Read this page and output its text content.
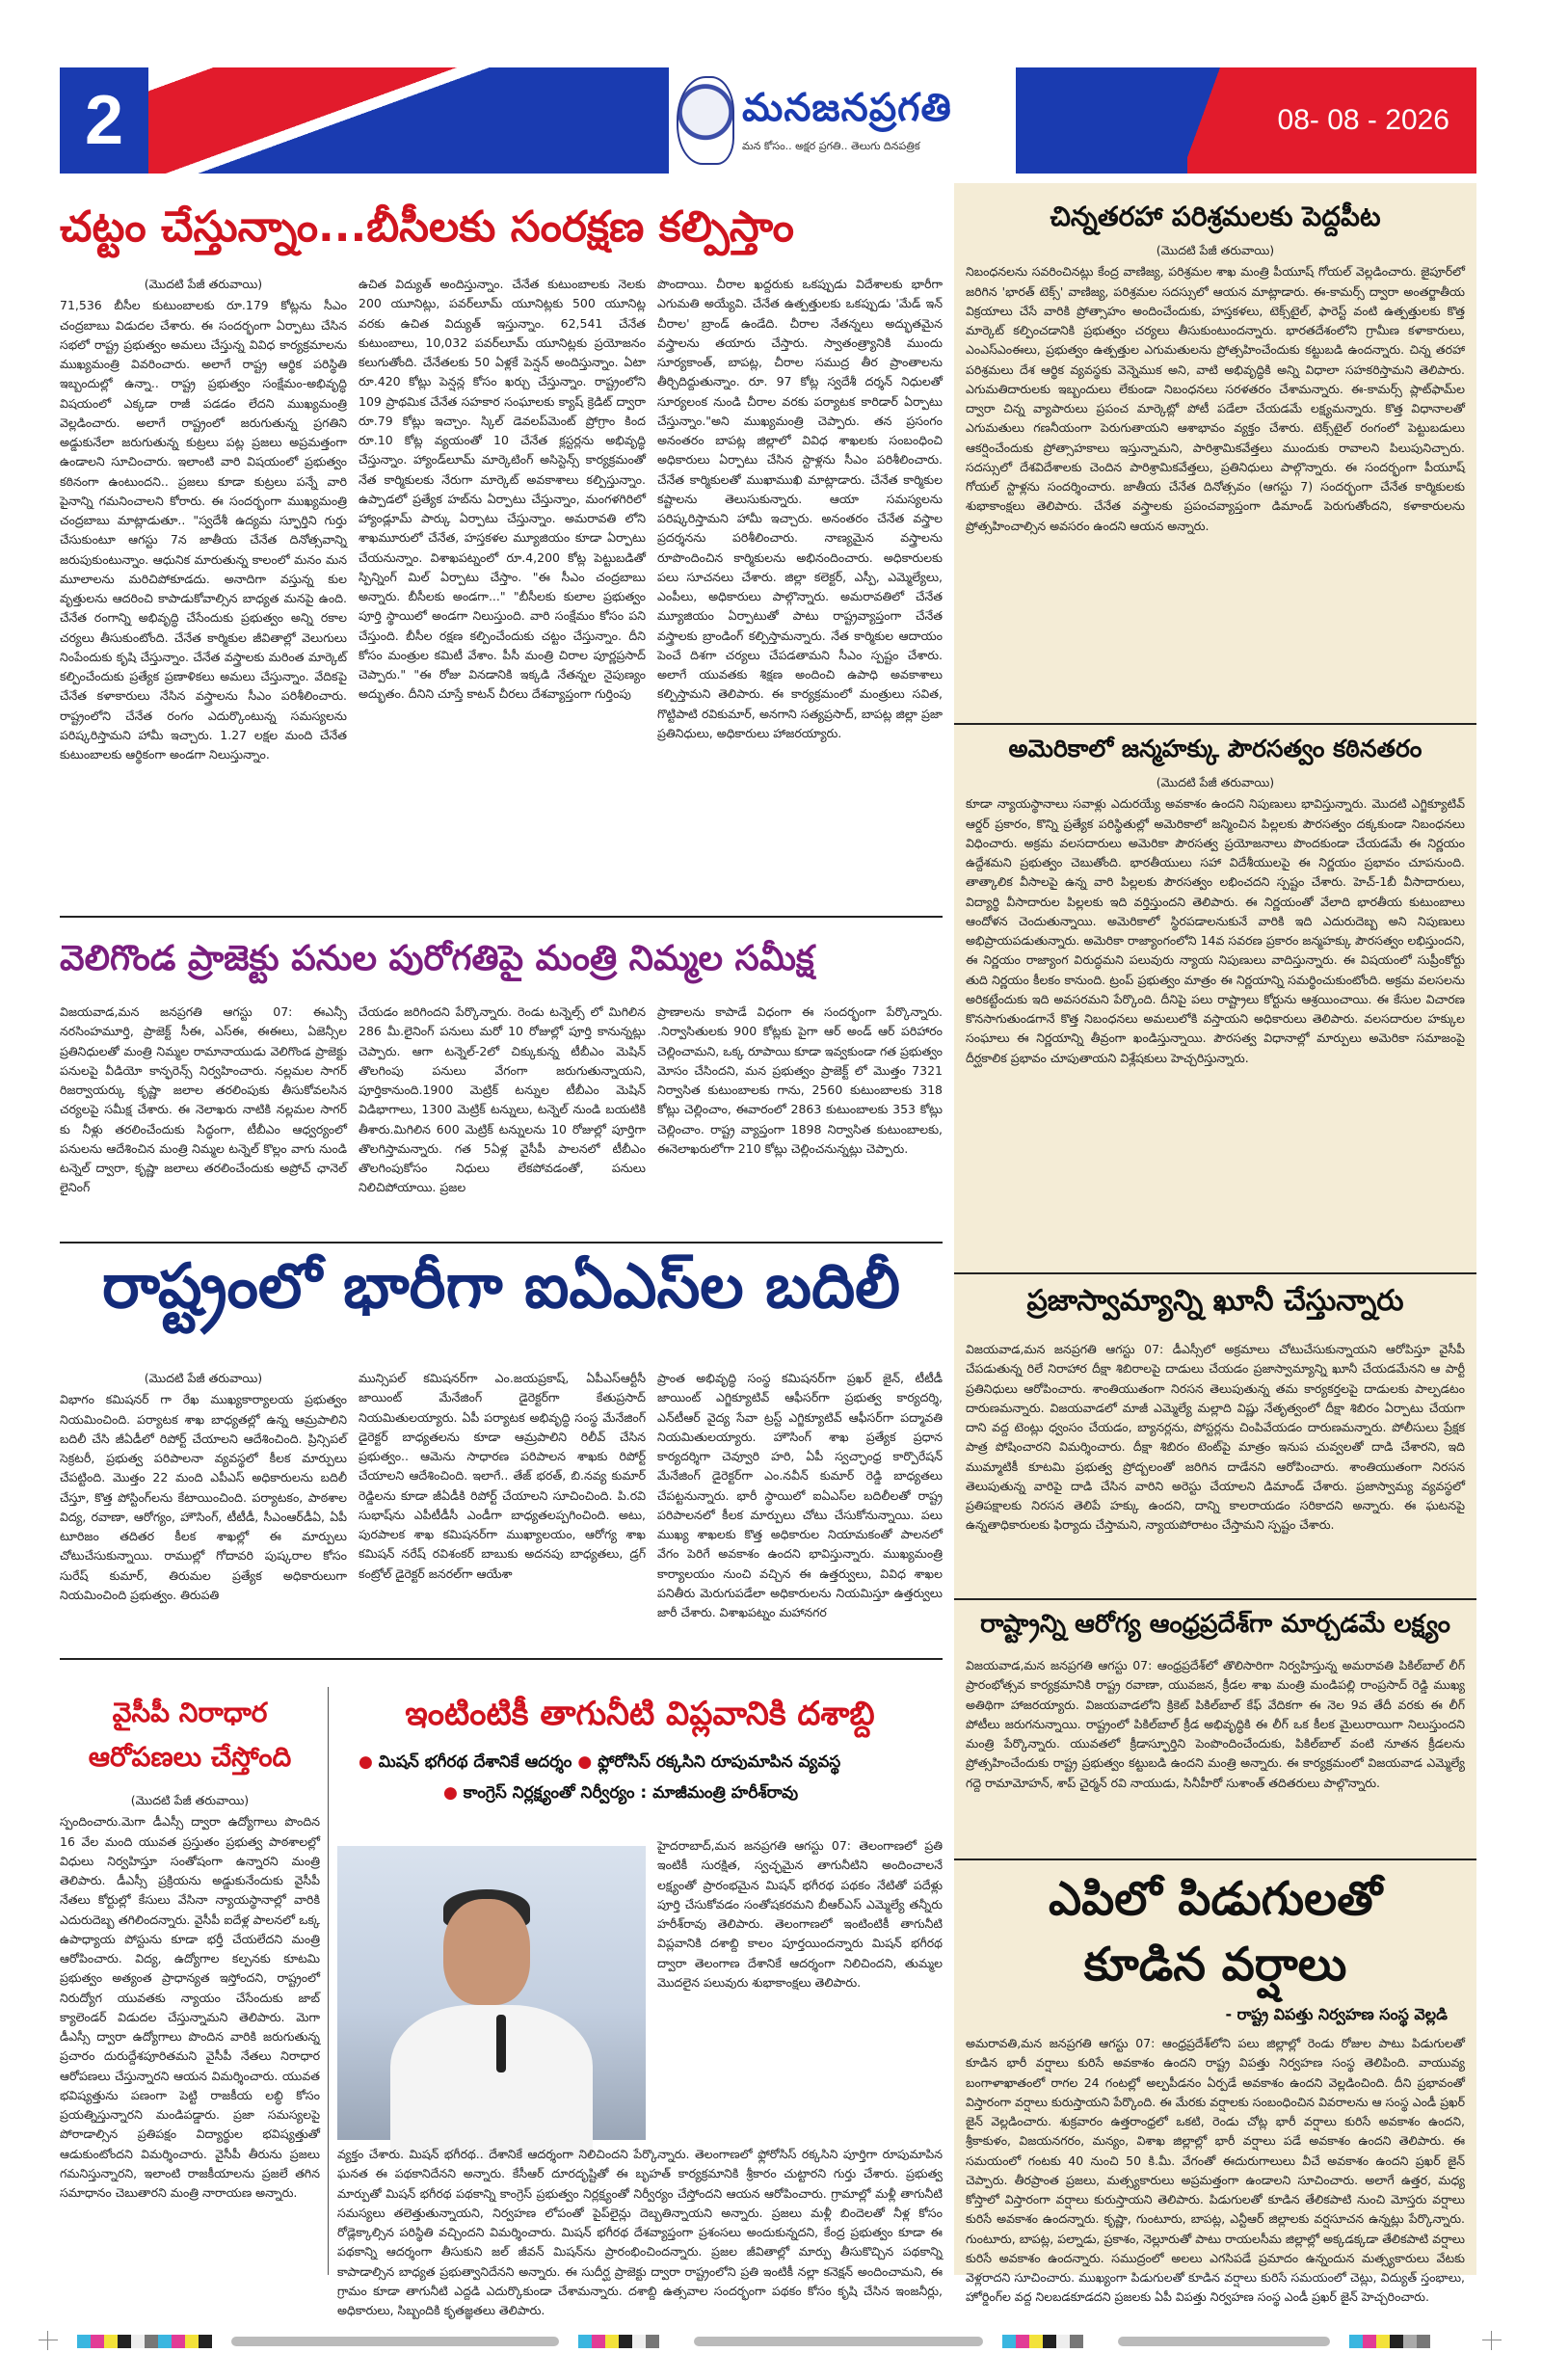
2	మనజనప్రగతి
మన కోసం.. అక్షర ప్రగతి.. తెలుగు దినపత్రిక
08- 08 - 2026
చట్టం చేస్తున్నాం...బీసీలకు సంరక్షణ కల్పిస్తాం
(మొదటి పేజీ తరువాయి)
71,536 బీసీల కుటుంబాలకు రూ.179 కోట్లను సీఎం చంద్రబాబు విడుదల చేశారు. ఈ సందర్భంగా ఏర్పాటు చేసిన సభలో రాష్ట్ర ప్రభుత్వం అమలు చేస్తున్న వివిధ కార్యక్రమాలను ముఖ్యమంత్రి వివరించారు. అలాగే రాష్ట్ర ఆర్థిక పరిస్థితి ఇబ్బందుల్లో ఉన్నా.. రాష్ట్ర ప్రభుత్వం సంక్షేమం-అభివృద్ధి విషయంలో ఎక్కడా రాజీ పడడం లేదని ముఖ్యమంత్రి వెల్లడించారు. అలాగే రాష్ట్రంలో జరుగుతున్న ప్రగతిని అడ్డుకునేలా జరుగుతున్న కుట్రలు పట్ల ప్రజలు అప్రమత్తంగా ఉండాలని సూచించారు. ఇలాంటి వారి విషయంలో ప్రభుత్వం కఠినంగా ఉంటుందని.. ప్రజలు కూడా కుట్రలు పన్నే వారి పైనాన్ని గమనించాలని కోరారు. ఈ సందర్భంగా ముఖ్యమంత్రి చంద్రబాబు మాట్లాడుతూ.. "స్వదేశీ ఉద్యమ స్ఫూర్తిని గుర్తు చేసుకుంటూ ఆగస్టు 7న జాతీయ చేనేత దినోత్సవాన్ని జరుపుకుంటున్నాం. ఆధునిక మారుతున్న కాలంలో మనం మన మూలాలను మరిచిపోకూడదు. అనాదిగా వస్తున్న కుల వృత్తులను ఆదరించి కాపాడుకోవాల్సిన బాధ్యత మనపై ఉంది. చేనేత రంగాన్ని అభివృద్ధి చేసేందుకు ప్రభుత్వం అన్ని రకాల చర్యలు తీసుకుంటోంది. చేనేత కార్మికుల జీవితాల్లో వెలుగులు నింపేందుకు కృషి చేస్తున్నాం. చేనేత వస్త్రాలకు మరింత మార్కెట్ కల్పించేందుకు ప్రత్యేక ప్రణాళికలు అమలు చేస్తున్నాం. వేదికపై చేనేత కళాకారులు నేసిన వస్త్రాలను సీఎం పరిశీలించారు. రాష్ట్రంలోని చేనేత రంగం ఎదుర్కొంటున్న సమస్యలను పరిష్కరిస్తామని హామీ ఇచ్చారు. 1.27 లక్షల మంది చేనేత కుటుంబాలకు ఆర్థికంగా అండగా నిలుస్తున్నాం.
ఉచిత విద్యుత్ అందిస్తున్నాం. చేనేత కుటుంబాలకు నెలకు 200 యూనిట్లు, పవర్‌లూమ్ యూనిట్లకు 500 యూనిట్ల వరకు ఉచిత విద్యుత్ ఇస్తున్నాం. 62,541 చేనేత కుటుంబాలు, 10,032 పవర్‌లూమ్ యూనిట్లకు ప్రయోజనం కలుగుతోంది. చేనేతలకు 50 ఏళ్లకే పెన్షన్ అందిస్తున్నాం. ఏటా రూ.420 కోట్లు పెన్షన్ల కోసం ఖర్చు చేస్తున్నాం. రాష్ట్రంలోని 109 ప్రాథమిక చేనేత సహకార సంఘాలకు క్యాష్ క్రెడిట్ ద్వారా రూ.79 కోట్లు ఇచ్చాం. స్కిల్ డెవలప్‌మెంట్ ప్రోగ్రాం కింద రూ.10 కోట్ల వ్యయంతో 10 చేనేత క్లస్టర్లను అభివృద్ధి చేస్తున్నాం. హ్యాండ్‌లూమ్ మార్కెటింగ్ అసిస్టెన్స్ కార్యక్రమంతో నేత కార్మికులకు నేరుగా మార్కెట్ అవకాశాలు కల్పిస్తున్నాం. ఉప్పాడలో ప్రత్యేక హబ్‌ను ఏర్పాటు చేస్తున్నాం, మంగళగిరిలో హ్యాండ్లూమ్ పార్కు ఏర్పాటు చేస్తున్నాం. అమరావతి లోని శాఖమూరులో చేనేత, హస్తకళల మ్యూజియం కూడా ఏర్పాటు చేయనున్నాం. విశాఖపట్నంలో రూ.4,200 కోట్ల పెట్టుబడితో స్పిన్నింగ్ మిల్ ఏర్పాటు చేస్తాం. "ఈ సీఎం చంద్రబాబు అన్నారు. బీసీలకు అండగా..." "బీసీలకు కులాల ప్రభుత్వం పూర్తి స్థాయిలో అండగా నిలుస్తుంది. వారి సంక్షేమం కోసం పని చేస్తుంది. బీసీల రక్షణ కల్పించేందుకు చట్టం చేస్తున్నాం. దీని కోసం మంత్రుల కమిటీ వేశాం. పీసీ మంత్రి చిరాల పూర్ణప్రసాద్ చెప్పారు." "ఈ రోజు వినడానికి ఇక్కడి నేతన్నల నైపుణ్యం అద్భుతం. దీనిని చూస్తే కాటన్ చీరలు దేశవ్యాప్తంగా గుర్తింపు
పొందాయి. చీరాల ఖద్దరుకు ఒకప్పుడు విదేశాలకు భారీగా ఎగుమతి అయ్యేవి. చేనేత ఉత్పత్తులకు ఒకప్పుడు 'మేడ్ ఇన్ చీరాల' బ్రాండ్ ఉండేది. చీరాల నేతన్నలు అద్భుతమైన వస్త్రాలను తయారు చేస్తారు. స్వాతంత్ర్యానికి ముందు సూర్యకాంత్, బాపట్ల, చీరాల సముద్ర తీర ప్రాంతాలను తీర్చిదిద్దుతున్నాం. రూ. 97 కోట్ల స్వదేశీ దర్శన్ నిధులతో సూర్యలంక నుండి చీరాల వరకు పర్యాటక కారిడార్ ఏర్పాటు చేస్తున్నాం."అని ముఖ్యమంత్రి చెప్పారు. తన ప్రసంగం అనంతరం బాపట్ల జిల్లాలో వివిధ శాఖలకు సంబంధించి అధికారులు ఏర్పాటు చేసిన స్టాళ్లను సీఎం పరిశీలించారు. చేనేత కార్మికులతో ముఖాముఖి మాట్లాడారు. చేనేత కార్మికుల కష్టాలను తెలుసుకున్నారు. ఆయా సమస్యలను పరిష్కరిస్తామని హామీ ఇచ్చారు. అనంతరం చేనేత వస్త్రాల ప్రదర్శనను పరిశీలించారు. నాణ్యమైన వస్త్రాలను రూపొందించిన కార్మికులను అభినందించారు. అధికారులకు పలు సూచనలు చేశారు. జిల్లా కలెక్టర్, ఎస్పీ, ఎమ్మెల్యేలు, ఎంపీలు, అధికారులు పాల్గొన్నారు. అమరావతిలో చేనేత మ్యూజియం ఏర్పాటుతో పాటు రాష్ట్రవ్యాప్తంగా చేనేత వస్త్రాలకు బ్రాండింగ్ కల్పిస్తామన్నారు. నేత కార్మికుల ఆదాయం పెంచే దిశగా చర్యలు చేపడతామని సీఎం స్పష్టం చేశారు. అలాగే యువతకు శిక్షణ అందించి ఉపాధి అవకాశాలు కల్పిస్తామని తెలిపారు. ఈ కార్యక్రమంలో మంత్రులు సవిత, గొట్టిపాటి రవికుమార్, అనగాని సత్యప్రసాద్, బాపట్ల జిల్లా ప్రజా ప్రతినిధులు, అధికారులు హాజరయ్యారు.
వెలిగొండ ప్రాజెక్టు పనుల పురోగతిపై మంత్రి నిమ్మల సమీక్ష
విజయవాడ,మన జనప్రగతి ఆగస్టు 07: ఈఎన్సీ నరసింహమూర్తి, ప్రాజెక్ట్ సీఈ, ఎస్ఈ, ఈఈలు, ఏజెన్సీల ప్రతినిధులతో మంత్రి నిమ్మల రామానాయుడు వెలిగొండ ప్రాజెక్టు పనులపై వీడియో కాన్ఫరెన్స్ నిర్వహించారు. నల్లమల సాగర్ రిజర్వాయర్కు కృష్ణా జలాల తరలింపుకు తీసుకోవలసిన చర్యలపై సమీక్ష చేశారు. ఈ నెలాఖరు నాటికి నల్లమల సాగర్ కు నీళ్లు తరలించేందుకు సిద్ధంగా, టీబీఎం ఆధ్వర్యంలో పనులను ఆదేశించిన మంత్రి నిమ్మల టన్నెల్ కొల్లం వాగు నుండి టన్నెల్ ద్వారా, కృష్ణా జలాలు తరలించేందుకు అప్రోచ్ ఛానెల్ లైనింగ్
చేయడం జరిగిందని పేర్కొన్నారు. రెండు టన్నెల్స్ లో మిగిలిన 286 మీ.లైనింగ్ పనులు మరో 10 రోజుల్లో పూర్తి కానున్నట్లు చెప్పారు. ఆగా టన్నెల్-2లో చిక్కుకున్న టీబీఎం మెషిన్ తొలగింపు పనులు వేగంగా జరుగుతున్నాయని, పూర్తికానుంది.1900 మెట్రిక్ టన్నుల టీబీఎం మెషిన్ విడిభాగాలు, 1300 మెట్రిక్ టన్నులు, టన్నెల్ నుండి బయటికి తీశారు.మిగిలిన 600 మెట్రిక్ టన్నులను 10 రోజుల్లో పూర్తిగా తొలగిస్తామన్నారు. గత 5ఏళ్ల వైసీపీ పాలనలో టీబీఎం తొలగింపుకోసం నిధులు లేకపోవడంతో, పనులు నిలిచిపోయాయి. ప్రజల
ప్రాణాలను కాపాడే విధంగా ఈ సందర్భంగా పేర్కొన్నారు. .నిర్వాసితులకు 900 కోట్లకు పైగా ఆర్ అండ్ ఆర్ పరిహారం చెల్లించామని, ఒక్క రూపాయి కూడా ఇవ్వకుండా గత ప్రభుత్వం మోసం చేసిందని, మన ప్రభుత్వం ప్రాజెక్ట్ లో మొత్తం 7321 నిర్వాసిత కుటుంబాలకు గాను, 2560 కుటుంబాలకు 318 కోట్లు చెల్లించాం, ఈవారంలో 2863 కుటుంబాలకు 353 కోట్లు చెల్లించాం. రాష్ట్ర వ్యాప్తంగా 1898 నిర్వాసిత కుటుంబాలకు, ఈనెలాఖరులోగా 210 కోట్లు చెల్లించనున్నట్లు చెప్పారు.
రాష్ట్రంలో భారీగా ఐఏఎస్‌ల బదిలీ
(మొదటి పేజీ తరువాయి)
విభాగం కమిషనర్ గా రేఖ ముఖ్యకార్యాలయ ప్రభుత్వం నియమించింది. పర్యాటక శాఖ బాధ్యతల్లో ఉన్న ఆమ్రపాలిని బదిలీ చేసి జీఏడీలో రిపోర్ట్ చేయాలని ఆదేశించింది. ప్రిన్సిపల్ సెక్రటరీ, ప్రభుత్వ పరిపాలనా వ్యవస్థలో కీలక మార్పులు చేపట్టింది. మొత్తం 22 మంది ఎపీఎస్ అధికారులను బదిలీ చేస్తూ, కొత్త పోస్టింగ్‌లను కేటాయించింది. పర్యాటకం, పాఠశాల విద్య, రవాణా, ఆరోగ్యం, హౌసింగ్, టీటీడీ, సీఎంఆర్‌డీఏ, ఏపీ టూరిజం తదితర కీలక శాఖల్లో ఈ మార్పులు చోటుచేసుకున్నాయి. రాముల్లో గోదావరి పుష్కరాల కోసం సురేష్ కుమార్, తిరుమల ప్రత్యేక అధికారులుగా నియమించింది ప్రభుత్వం. తిరుపతి
మున్సిపల్ కమిషనర్‌గా ఎం.జయప్రకాష్, ఏపీఎస్‌ఆర్టీసీ జాయింట్ మేనేజింగ్ డైరెక్టర్‌గా కేతుప్రసాద్ నియమితులయ్యారు. ఏపీ పర్యాటక అభివృద్ధి సంస్థ మేనేజింగ్ డైరెక్టర్ బాధ్యతలను కూడా ఆమ్రపాలిని రిలీవ్ చేసిన ప్రభుత్వం.. ఆమెను సాధారణ పరిపాలన శాఖకు రిపోర్ట్ చేయాలని ఆదేశించింది. ఇలాగే.. తేజ్ భరత్, బి.నవ్య కుమార్ రెడ్డిలను కూడా జీఏడీకి రిపోర్ట్ చేయాలని సూచించింది. పి.రవి సుభాష్‌ను ఎపీటీడీసీ ఎండీగా బాధ్యతలప్పగించింది. అటు, పురపాలక శాఖ కమిషనర్‌గా ముఖ్యాలయం, ఆరోగ్య శాఖ కమిషన్ నరేష్ రవిశంకర్ బాబుకు అదనపు బాధ్యతలు, డ్రగ్ కంట్రోల్ డైరెక్టర్ జనరల్‌గా ఆయేశా
ప్రాంత అభివృద్ధి సంస్థ కమిషనర్‌గా ప్రఖర్ జైన్, టీటీడీ జాయింట్ ఎగ్జిక్యూటివ్ ఆఫీసర్‌గా ప్రభుత్వ కార్యదర్శి, ఎన్‌టీఆర్ వైద్య సేవా ట్రస్ట్ ఎగ్జిక్యూటివ్ ఆఫీసర్‌గా పద్మావతి నియమితులయ్యారు. హౌసింగ్ శాఖ ప్రత్యేక ప్రధాన కార్యదర్శిగా చెవ్వూరి హరి, ఏపీ స్వచ్ఛాంధ్ర కార్పొరేషన్ మేనేజింగ్ డైరెక్టర్‌గా ఎం.నవీన్ కుమార్ రెడ్డి బాధ్యతలు చేపట్టనున్నారు. భారీ స్థాయిలో ఐఏఎస్‌ల బదిలీలతో రాష్ట్ర పరిపాలనలో కీలక మార్పులు చోటు చేసుకోనున్నాయి. పలు ముఖ్య శాఖలకు కొత్త అధికారుల నియామకంతో పాలనలో వేగం పెరిగే అవకాశం ఉందని భావిస్తున్నారు. ముఖ్యమంత్రి కార్యాలయం నుంచి వచ్చిన ఈ ఉత్తర్వులు, వివిధ శాఖల పనితీరు మెరుగుపడేలా అధికారులను నియమిస్తూ ఉత్తర్వులు జారీ చేశారు. విశాఖపట్నం మహానగర
వైసీపీ నిరాధార
ఆరోపణలు చేస్తోంది
(మొదటి పేజీ తరువాయి)
స్పందించారు.మెగా డీఎస్సీ ద్వారా ఉద్యోగాలు పొందిన 16 వేల మంది యువత ప్రస్తుతం ప్రభుత్వ పాఠశాలల్లో విధులు నిర్వహిస్తూ సంతోషంగా ఉన్నారని మంత్రి తెలిపారు. డీఎస్సీ ప్రక్రియను అడ్డుకునేందుకు వైసీపీ నేతలు కోర్టుల్లో కేసులు వేసినా న్యాయస్థానాల్లో వారికి ఎదురుదెబ్బ తగిలిందన్నారు. వైసీపీ ఐదేళ్ల పాలనలో ఒక్క ఉపాధ్యాయ పోస్టును కూడా భర్తీ చేయలేదని మంత్రి ఆరోపించారు. విద్య, ఉద్యోగాల కల్పనకు కూటమి ప్రభుత్వం అత్యంత ప్రాధాన్యత ఇస్తోందని, రాష్ట్రంలో నిరుద్యోగ యువతకు న్యాయం చేసేందుకు జాబ్ క్యాలెండర్ విడుదల చేస్తున్నామని తెలిపారు. మెగా డీఎస్సీ ద్వారా ఉద్యోగాలు పొందిన వారికి జరుగుతున్న ప్రచారం దురుద్దేశపూరితమని వైసీపీ నేతలు నిరాధార ఆరోపణలు చేస్తున్నారని ఆయన విమర్శించారు. యువత భవిష్యత్తును పణంగా పెట్టి రాజకీయ లబ్ధి కోసం ప్రయత్నిస్తున్నారని మండిపడ్డారు. ప్రజా సమస్యలపై పోరాడాల్సిన ప్రతిపక్షం విద్యార్థుల భవిష్యత్తుతో ఆడుకుంటోందని విమర్శించారు. వైసీపీ తీరును ప్రజలు గమనిస్తున్నారని, ఇలాంటి రాజకీయాలను ప్రజలే తగిన సమాధానం చెబుతారని మంత్రి నారాయణ అన్నారు.
ఇంటింటికీ తాగునీటి విప్లవానికి దశాబ్ది
● మిషన్ భగీరథ దేశానికే ఆదర్శం ● ఫ్లోరోసిస్ రక్కసిని రూపుమాపిన వ్యవస్థ
● కాంగ్రెస్ నిర్లక్ష్యంతో నిర్వీర్యం : మాజీమంత్రి హరీశ్‌రావు
హైదరాబాద్,మన జనప్రగతి ఆగస్టు 07: తెలంగాణలో ప్రతి ఇంటికీ సురక్షిత, స్వచ్ఛమైన తాగునీటిని అందించాలనే లక్ష్యంతో ప్రారంభమైన మిషన్ భగీరథ పథకం నేటితో పదేళ్లు పూర్తి చేసుకోవడం సంతోషకరమని బీఆర్ఎస్ ఎమ్మెల్యే తన్నీరు హరీశ్‌రావు తెలిపారు. తెలంగాణలో ఇంటింటికీ తాగునీటి విప్లవానికి దశాబ్ది కాలం పూర్తయిందన్నారు మిషన్ భగీరథ ద్వారా తెలంగాణ దేశానికే ఆదర్శంగా నిలిచిందని, తుమ్మల మొదలైన పలువురు శుభాకాంక్షలు తెలిపారు.
వ్యక్తం చేశారు. మిషన్ భగీరథ.. దేశానికే ఆదర్శంగా నిలిచిందని పేర్కొన్నారు. తెలంగాణలో ఫ్లోరోసిస్ రక్కసిని పూర్తిగా రూపుమాపిన ఘనత ఈ పథకానిదేనని అన్నారు. కేసీఆర్ దూరదృష్టితో ఈ బృహత్ కార్యక్రమానికి శ్రీకారం చుట్టారని గుర్తు చేశారు. ప్రభుత్వ మార్పుతో మిషన్ భగీరథ పథకాన్ని కాంగ్రెస్ ప్రభుత్వం నిర్లక్ష్యంతో నిర్వీర్యం చేస్తోందని ఆయన ఆరోపించారు. గ్రామాల్లో మళ్లీ తాగునీటి సమస్యలు తలెత్తుతున్నాయని, నిర్వహణ లోపంతో పైప్‌లైన్లు దెబ్బతిన్నాయని అన్నారు. ప్రజలు మళ్లీ బిందెలతో నీళ్ల కోసం రోడ్లెక్కాల్సిన పరిస్థితి వచ్చిందని విమర్శించారు. మిషన్ భగీరథ దేశవ్యాప్తంగా ప్రశంసలు అందుకున్నదని, కేంద్ర ప్రభుత్వం కూడా ఈ పథకాన్ని ఆదర్శంగా తీసుకుని జల్ జీవన్ మిషన్‌ను ప్రారంభించిందన్నారు. ప్రజల జీవితాల్లో మార్పు తీసుకొచ్చిన పథకాన్ని కాపాడాల్సిన బాధ్యత ప్రభుత్వానిదేనని అన్నారు. ఈ సుదీర్ఘ ప్రాజెక్టు ద్వారా రాష్ట్రంలోని ప్రతి ఇంటికీ నల్లా కనెక్షన్ అందించామని, ఈ గ్రామం కూడా తాగునీటి ఎద్దడి ఎదుర్కొకుండా చేశామన్నారు. దశాబ్ది ఉత్సవాల సందర్భంగా పథకం కోసం కృషి చేసిన ఇంజనీర్లు, అధికారులు, సిబ్బందికి కృతజ్ఞతలు తెలిపారు.
చిన్నతరహా పరిశ్రమలకు పెద్దపీట
(మొదటి పేజీ తరువాయి)
నిబంధనలను సవరించినట్లు కేంద్ర వాణిజ్య, పరిశ్రమల శాఖ మంత్రి పీయూష్ గోయల్ వెల్లడించారు. జైపూర్‌లో జరిగిన 'భారత్ టెక్స్' వాణిజ్య, పరిశ్రమల సదస్సులో ఆయన మాట్లాడారు. ఈ-కామర్స్ ద్వారా అంతర్జాతీయ విక్రయాలు చేసే వారికి ప్రోత్సాహం అందించేందుకు, హస్తకళలు, టెక్స్‌టైల్, ఫారెస్ట్ వంటి ఉత్పత్తులకు కొత్త మార్కెట్ కల్పించడానికి ప్రభుత్వం చర్యలు తీసుకుంటుందన్నారు. భారతదేశంలోని గ్రామీణ కళాకారులు, ఎంఎస్ఎంఈలు, ప్రభుత్వం ఉత్పత్తుల ఎగుమతులను ప్రోత్సహించేందుకు కట్టుబడి ఉందన్నారు. చిన్న తరహా పరిశ్రమలు దేశ ఆర్థిక వ్యవస్థకు వెన్నెముక అని, వాటి అభివృద్ధికి అన్ని విధాలా సహకరిస్తామని తెలిపారు. ఎగుమతిదారులకు ఇబ్బందులు లేకుండా నిబంధనలు సరళతరం చేశామన్నారు. ఈ-కామర్స్ ప్లాట్‌ఫామ్‌ల ద్వారా చిన్న వ్యాపారులు ప్రపంచ మార్కెట్లో పోటీ పడేలా చేయడమే లక్ష్యమన్నారు. కొత్త విధానాలతో ఎగుమతులు గణనీయంగా పెరుగుతాయని ఆశాభావం వ్యక్తం చేశారు. టెక్స్‌టైల్ రంగంలో పెట్టుబడులు ఆకర్షించేందుకు ప్రోత్సాహకాలు ఇస్తున్నామని, పారిశ్రామికవేత్తలు ముందుకు రావాలని పిలుపునిచ్చారు. సదస్సులో దేశవిదేశాలకు చెందిన పారిశ్రామికవేత్తలు, ప్రతినిధులు పాల్గొన్నారు. ఈ సందర్భంగా పీయూష్ గోయల్ స్టాళ్లను సందర్శించారు. జాతీయ చేనేత దినోత్సవం (ఆగస్టు 7) సందర్భంగా చేనేత కార్మికులకు శుభాకాంక్షలు తెలిపారు. చేనేత వస్త్రాలకు ప్రపంచవ్యాప్తంగా డిమాండ్ పెరుగుతోందని, కళాకారులను ప్రోత్సహించాల్సిన అవసరం ఉందని ఆయన అన్నారు.
అమెరికాలో జన్మహక్కు పౌరసత్వం కఠినతరం
(మొదటి పేజీ తరువాయి)
కూడా న్యాయస్థానాలు సవాళ్లు ఎదురయ్యే అవకాశం ఉందని నిపుణులు భావిస్తున్నారు. మొదటి ఎగ్జిక్యూటివ్ ఆర్డర్ ప్రకారం, కొన్ని ప్రత్యేక పరిస్థితుల్లో అమెరికాలో జన్మించిన పిల్లలకు పౌరసత్వం దక్కకుండా నిబంధనలు విధించారు. అక్రమ వలసదారులు అమెరికా పౌరసత్వ ప్రయోజనాలు పొందకుండా చేయడమే ఈ నిర్ణయం ఉద్దేశమని ప్రభుత్వం చెబుతోంది. భారతీయులు సహా విదేశీయులపై ఈ నిర్ణయం ప్రభావం చూపనుంది. తాత్కాలిక వీసాలపై ఉన్న వారి పిల్లలకు పౌరసత్వం లభించదని స్పష్టం చేశారు. హెచ్-1బీ వీసాదారులు, విద్యార్థి వీసాదారుల పిల్లలకు ఇది వర్తిస్తుందని తెలిపారు. ఈ నిర్ణయంతో వేలాది భారతీయ కుటుంబాలు ఆందోళన చెందుతున్నాయి. అమెరికాలో స్థిరపడాలనుకునే వారికి ఇది ఎదురుదెబ్బ అని నిపుణులు అభిప్రాయపడుతున్నారు. అమెరికా రాజ్యాంగంలోని 14వ సవరణ ప్రకారం జన్మహక్కు పౌరసత్వం లభిస్తుందని, ఈ నిర్ణయం రాజ్యాంగ విరుద్ధమని పలువురు న్యాయ నిపుణులు వాదిస్తున్నారు. ఈ విషయంలో సుప్రీంకోర్టు తుది నిర్ణయం కీలకం కానుంది. ట్రంప్ ప్రభుత్వం మాత్రం ఈ నిర్ణయాన్ని సమర్థించుకుంటోంది. అక్రమ వలసలను అరికట్టేందుకు ఇది అవసరమని పేర్కొంది. దీనిపై పలు రాష్ట్రాలు కోర్టును ఆశ్రయించాయి. ఈ కేసుల విచారణ కొనసాగుతుండగానే కొత్త నిబంధనలు అమలులోకి వస్తాయని అధికారులు తెలిపారు. వలసదారుల హక్కుల సంఘాలు ఈ నిర్ణయాన్ని తీవ్రంగా ఖండిస్తున్నాయి. పౌరసత్వ విధానాల్లో మార్పులు అమెరికా సమాజంపై దీర్ఘకాలిక ప్రభావం చూపుతాయని విశ్లేషకులు హెచ్చరిస్తున్నారు.
ప్రజాస్వామ్యాన్ని ఖూనీ చేస్తున్నారు
విజయవాడ,మన జనప్రగతి ఆగస్టు 07: డీఎస్సీలో అక్రమాలు చోటుచేసుకున్నాయని ఆరోపిస్తూ వైసీపీ చేపడుతున్న రిలే నిరాహార దీక్షా శిబిరాలపై దాడులు చేయడం ప్రజాస్వామ్యాన్ని ఖూనీ చేయడమేనని ఆ పార్టీ ప్రతినిధులు ఆరోపించారు. శాంతియుతంగా నిరసన తెలుపుతున్న తమ కార్యకర్తలపై దాడులకు పాల్పడటం దారుణమన్నారు. విజయవాడలో మాజీ ఎమ్మెల్యే మల్లాది విష్ణు నేతృత్వంలో దీక్షా శిబిరం ఏర్పాటు చేయగా దాని వద్ద టెంట్లు ధ్వంసం చేయడం, బ్యానర్లను, పోస్టర్లను చింపివేయడం దారుణమన్నారు. పోలీసులు ప్రేక్షక పాత్ర పోషించారని విమర్శించారు. దీక్షా శిబిరం టెంట్‌పై మాత్రం ఇనుప చువ్వలతో దాడి చేశారని, ఇది ముమ్మాటికీ కూటమి ప్రభుత్వ ప్రోద్బలంతో జరిగిన దాడేనని ఆరోపించారు. శాంతియుతంగా నిరసన తెలుపుతున్న వారిపై దాడి చేసిన వారిని అరెస్టు చేయాలని డిమాండ్ చేశారు. ప్రజాస్వామ్య వ్యవస్థలో ప్రతిపక్షాలకు నిరసన తెలిపే హక్కు ఉందని, దాన్ని కాలరాయడం సరికాదని అన్నారు. ఈ ఘటనపై ఉన్నతాధికారులకు ఫిర్యాదు చేస్తామని, న్యాయపోరాటం చేస్తామని స్పష్టం చేశారు.
రాష్ట్రాన్ని ఆరోగ్య ఆంధ్రప్రదేశ్‌గా మార్చడమే లక్ష్యం
విజయవాడ,మన జనప్రగతి ఆగస్టు 07: ఆంధ్రప్రదేశ్‌లో తొలిసారిగా నిర్వహిస్తున్న అమరావతి పికిల్‌బాల్ లీగ్ ప్రారంభోత్సవ కార్యక్రమానికి రాష్ట్ర రవాణా, యువజన, క్రీడల శాఖ మంత్రి మండిపల్లి రాంప్రసాద్ రెడ్డి ముఖ్య అతిథిగా హాజరయ్యారు. విజయవాడలోని క్రికెట్ పికిల్‌బాల్ కేఫ్ వేదికగా ఈ నెల 9వ తేదీ వరకు ఈ లీగ్ పోటీలు జరుగనున్నాయి. రాష్ట్రంలో పికిల్‌బాల్ క్రీడ అభివృద్ధికి ఈ లీగ్ ఒక కీలక మైలురాయిగా నిలుస్తుందని మంత్రి పేర్కొన్నారు. యువతలో క్రీడాస్ఫూర్తిని పెంపొందించేందుకు, పికిల్‌బాల్ వంటి నూతన క్రీడలను ప్రోత్సహించేందుకు రాష్ట్ర ప్రభుత్వం కట్టుబడి ఉందని మంత్రి అన్నారు. ఈ కార్యక్రమంలో విజయవాడ ఎమ్మెల్యే గద్దె రామామోహన్, శాప్ చైర్మన్ రవి నాయుడు, సినీహీరో సుశాంత్ తదితరులు పాల్గొన్నారు.
ఎపిలో పిడుగులతో
కూడిన వర్షాలు
- రాష్ట్ర విపత్తు నిర్వహణ సంస్థ వెల్లడి
అమరావతి,మన జనప్రగతి ఆగస్టు 07: ఆంధ్రప్రదేశ్‌లోని పలు జిల్లాల్లో రెండు రోజుల పాటు పిడుగులతో కూడిన భారీ వర్షాలు కురిసే అవకాశం ఉందని రాష్ట్ర విపత్తు నిర్వహణ సంస్థ తెలిపింది. వాయువ్య బంగాళాఖాతంలో రాగల 24 గంటల్లో అల్పపీడనం ఏర్పడే అవకాశం ఉందని వెల్లడించింది. దీని ప్రభావంతో విస్తారంగా వర్షాలు కురుస్తాయని పేర్కొంది. ఈ మేరకు వర్షాలకు సంబంధించిన వివరాలను ఆ సంస్థ ఎండీ ప్రఖర్ జైన్ వెల్లడించారు. శుక్రవారం ఉత్తరాంధ్రలో ఒకటి, రెండు చోట్ల భారీ వర్షాలు కురిసే అవకాశం ఉందని, శ్రీకాకుళం, విజయనగరం, మన్యం, విశాఖ జిల్లాల్లో భారీ వర్షాలు పడే అవకాశం ఉందని తెలిపారు. ఈ సమయంలో గంటకు 40 నుంచి 50 కి.మీ. వేగంతో ఈదురుగాలులు వీచే అవకాశం ఉందని ప్రఖర్ జైన్ చెప్పారు. తీరప్రాంత ప్రజలు, మత్స్యకారులు అప్రమత్తంగా ఉండాలని సూచించారు. అలాగే ఉత్తర, మధ్య కోస్తాలో విస్తారంగా వర్షాలు కురుస్తాయని తెలిపారు. పిడుగులతో కూడిన తేలికపాటి నుంచి మోస్తరు వర్షాలు కురిసే అవకాశం ఉందన్నారు. కృష్ణా, గుంటూరు, బాపట్ల, ఎన్టీఆర్ జిల్లాలకు వర్షసూచన ఉన్నట్లు పేర్కొన్నారు. గుంటూరు, బాపట్ల, పల్నాడు, ప్రకాశం, నెల్లూరుతో పాటు రాయలసీమ జిల్లాల్లో అక్కడక్కడా తేలికపాటి వర్షాలు కురిసే అవకాశం ఉందన్నారు. సముద్రంలో అలలు ఎగసిపడే ప్రమాదం ఉన్నందున మత్స్యకారులు వేటకు వెళ్లరాదని సూచించారు. ముఖ్యంగా పిడుగులతో కూడిన వర్షాలు కురిసే సమయంలో చెట్లు, విద్యుత్ స్తంభాలు, హోర్డింగ్‌ల వద్ద నిలబడకూడదని ప్రజలకు ఏపీ విపత్తు నిర్వహణ సంస్థ ఎండీ ప్రఖర్ జైన్ హెచ్చరించారు.
